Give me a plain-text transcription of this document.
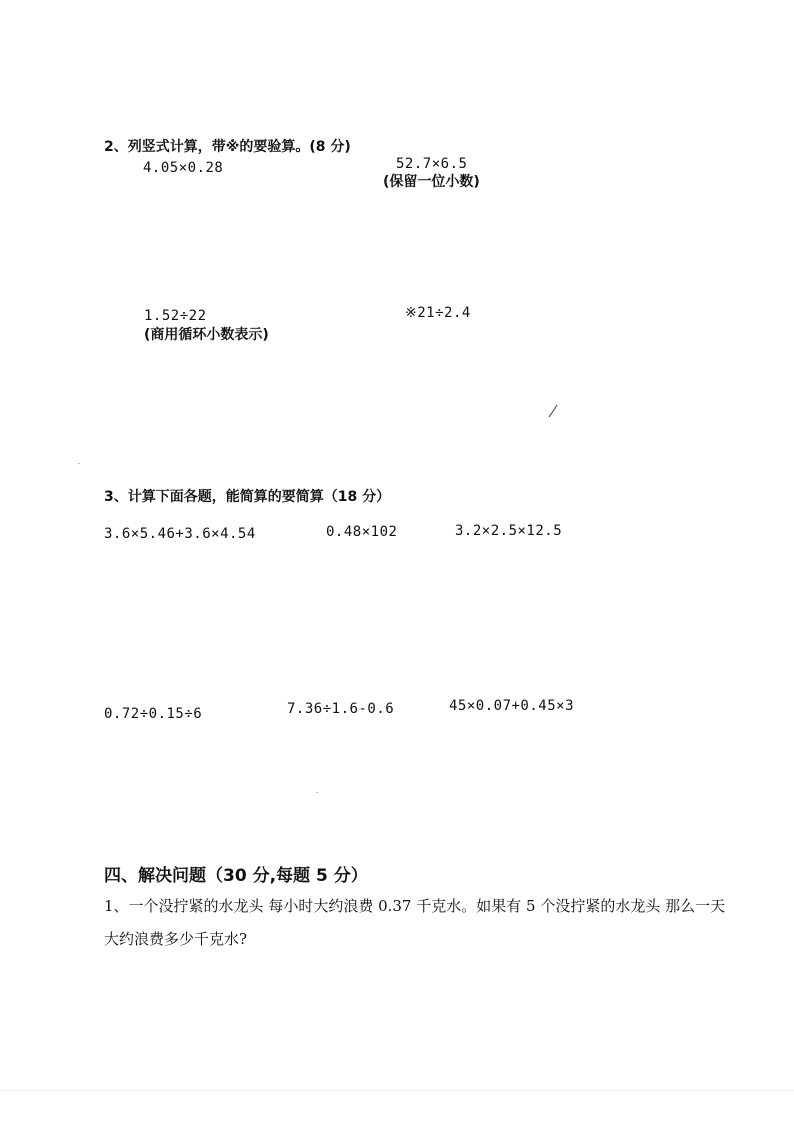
2、列竖式计算，带※的要验算。(8 分)
4.05×0.28	52.7×6.5
(保留一位小数)
1.52÷22
(商用循环小数表示)
※21÷2.4
3、计算下面各题，能简算的要简算（18 分）
3.6×5.46+3.6×4.54	0.48×102	3.2×2.5×12.5
0.72÷0.15÷6	7.36÷1.6-0.6	45×0.07+0.45×3
四、解决问题（30 分,每题 5 分）
1、一个没拧紧的水龙头 每小时大约浪费 0.37 千克水。如果有 5 个没拧紧的水龙头 那么一天
大约浪费多少千克水?
